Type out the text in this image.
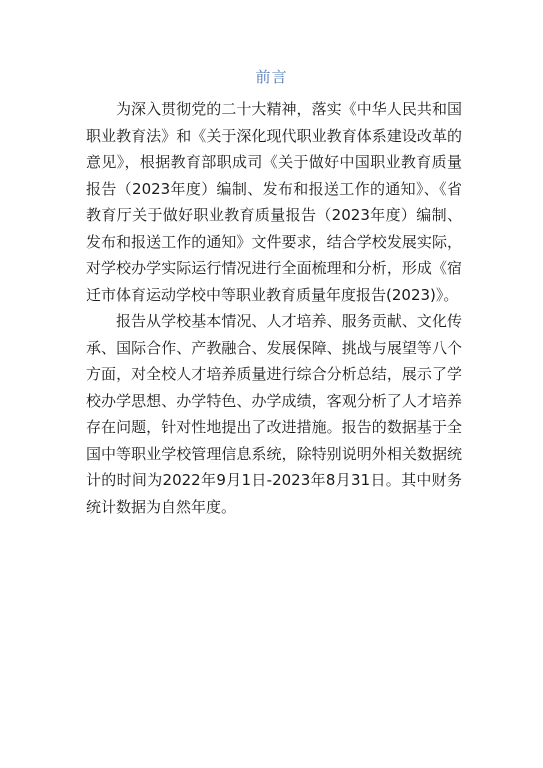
前言

为深入贯彻党的二十大精神，落实《中华人民共和国职业教育法》和《关于深化现代职业教育体系建设改革的意见》，根据教育部职成司《关于做好中国职业教育质量报告（2023年度）编制、发布和报送工作的通知》、《省教育厅关于做好职业教育质量报告（2023年度）编制、发布和报送工作的通知》文件要求，结合学校发展实际，对学校办学实际运行情况进行全面梳理和分析，形成《宿迁市体育运动学校中等职业教育质量年度报告(2023)》。

报告从学校基本情况、人才培养、服务贡献、文化传承、国际合作、产教融合、发展保障、挑战与展望等八个方面，对全校人才培养质量进行综合分析总结，展示了学校办学思想、办学特色、办学成绩，客观分析了人才培养存在问题，针对性地提出了改进措施。报告的数据基于全国中等职业学校管理信息系统，除特别说明外相关数据统计的时间为2022年9月1日-2023年8月31日。其中财务统计数据为自然年度。
